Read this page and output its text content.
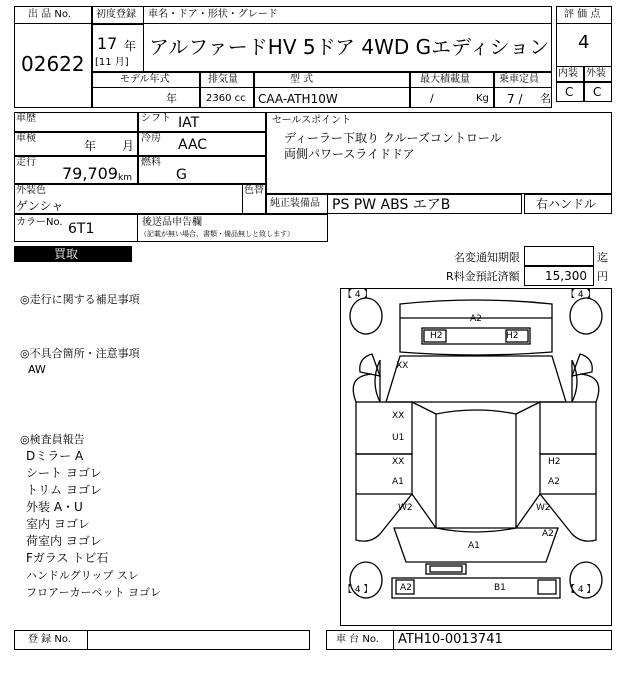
出 品 No.
02622
初度登録 車名・ドア・形状・グレード
17 年
[11 月]
アルファードHV 5ドア 4WD Gエディション
評 価 点
4
内装 外装
C C
モデル年式	排気量	型 式	最大積載量	乗車定員
年	2360 cc CAA-ATH10W	/	Kg 7 / 名
車歴	シフト IAT
車検
年 月
冷房 AAC
走行
79,709 km
燃料
G
外装色	色替
ゲンシャ
カラーNo. 6T1	後送品申告欄
（記載が無い場合、書類・備品無しと致します）
セールスポイント
ディーラー下取り クルーズコントロール
両側パワースライドドア
純正装備品 PS PW ABS エアB	右ハンドル
買取	名変通知期限	迄
R料金預託済額 15,300 円
◎走行に関する補足事項
◎不具合箇所・注意事項
AW
◎検査員報告
Dミラー A
シート ヨゴレ
トリム ヨゴレ
外装 A・U
室内 ヨゴレ
荷室内 ヨゴレ
Fガラス トビ石
ハンドルグリップ スレ
フロアーカーペット ヨゴレ
【 4 】	【 4 】
【 4 】	【 4 】
A2
H2	H2
XX
XX
U1
XX
A1
H2
A2
W2	W2
A2
A1
A2	B1
登 録 No.	車 台 No. ATH10-0013741
